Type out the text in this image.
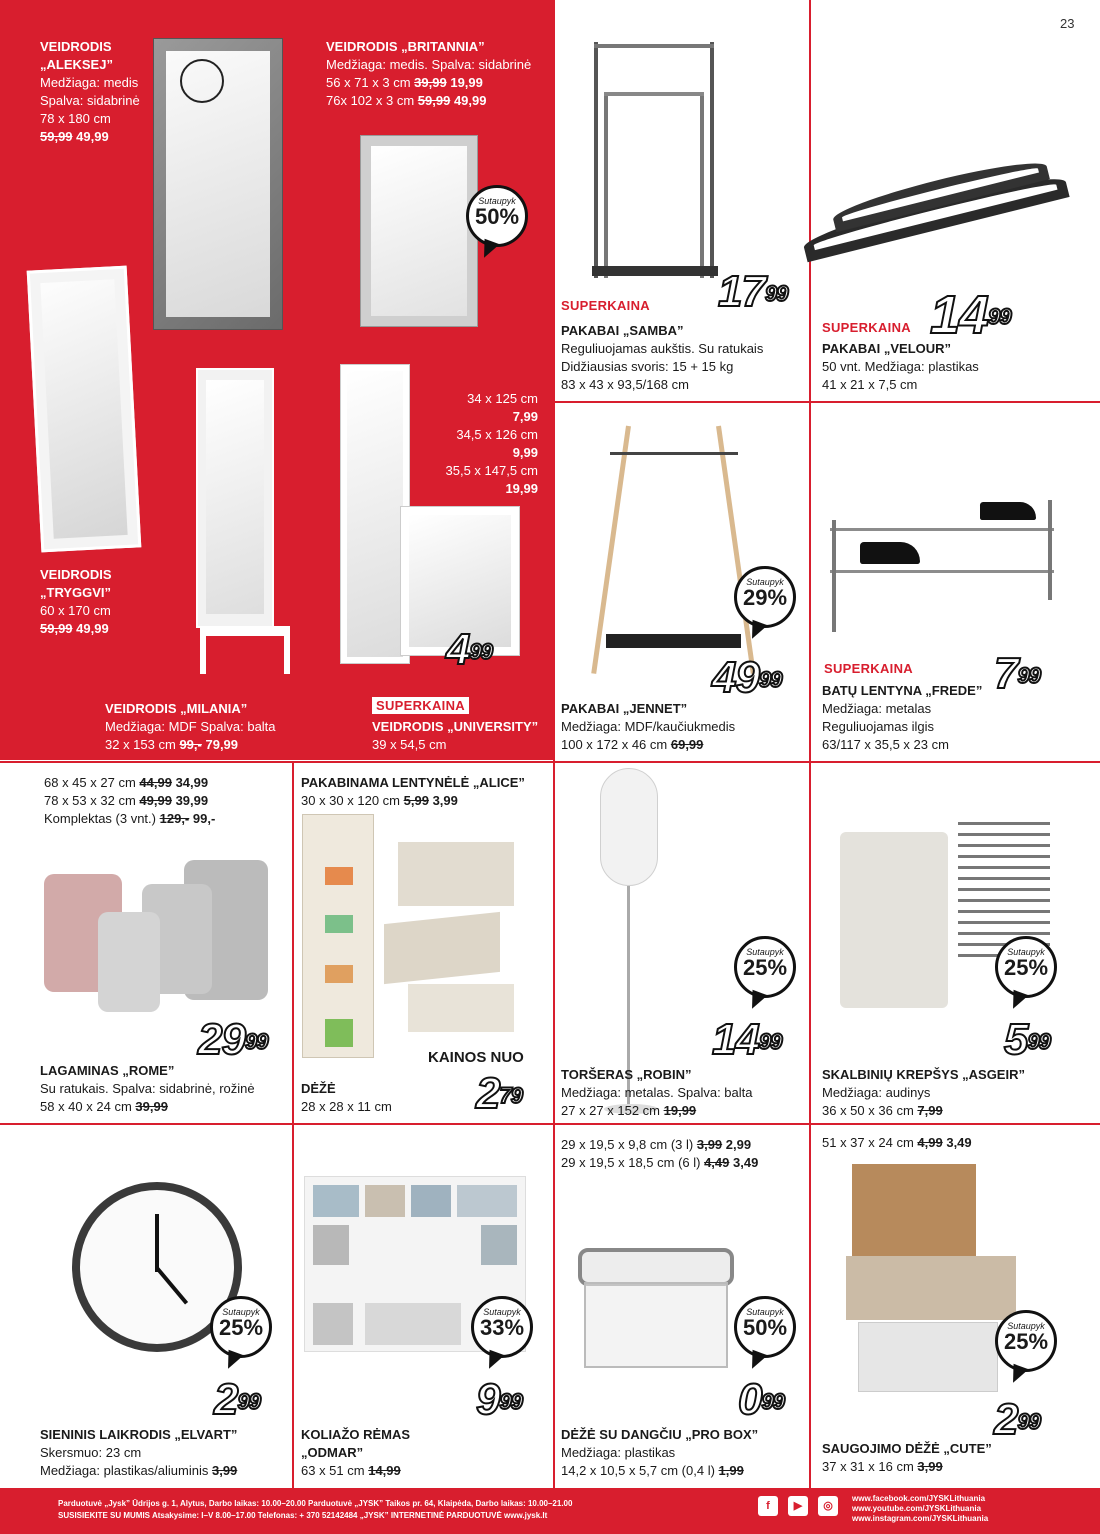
23
VEIDRODIS „ALEKSEJ”
Medžiaga: medis
Spalva: sidabrinė
78 x 180 cm
59,99 49,99
VEIDRODIS „BRITANNIA”
Medžiaga: medis. Spalva: sidabrinė
56 x 71 x 3 cm 39,99 19,99
76x 102 x 3 cm 59,99 49,99
Sutaupyk
50%
VEIDRODIS
„TRYGGVI”
60 x 170 cm
59,99 49,99
VEIDRODIS „MILANIA”
Medžiaga: MDF Spalva: balta
32 x 153 cm 99,- 79,99
34 x 125 cm
7,99
34,5 x 126 cm
9,99
35,5 x 147,5 cm
19,99
$4^{99}$
SUPERKAINA
VEIDRODIS „UNIVERSITY”
39 x 54,5 cm
$17^{99}$
SUPERKAINA
PAKABAI „SAMBA”
Reguliuojamas aukštis. Su ratukais
Didžiausias svoris: 15 + 15 kg
83 x 43 x 93,5/168 cm
$14^{99}$
SUPERKAINA
PAKABAI „VELOUR”
50 vnt. Medžiaga: plastikas
41 x 21 x 7,5 cm
Sutaupyk
29%
$49^{99}$
PAKABAI „JENNET”
Medžiaga: MDF/kaučiukmedis
100 x 172 x 46 cm 69,99
$7^{99}$
SUPERKAINA
BATŲ LENTYNA „FREDE”
Medžiaga: metalas
Reguliuojamas ilgis
63/117 x 35,5 x 23 cm
68 x 45 x 27 cm 44,99 34,99
78 x 53 x 32 cm 49,99 39,99
Komplektas (3 vnt.) 129,- 99,-
$29^{99}$
LAGAMINAS „ROME”
Su ratukais. Spalva: sidabrinė, rožinė
58 x 40 x 24 cm 39,99
PAKABINAMA LENTYNĖLĖ „ALICE”
30 x 30 x 120 cm 5,99 3,99
KAINOS NUO
$2^{79}$
DĖŽĖ
28 x 28 x 11 cm
Sutaupyk
25%
$14^{99}$
TORŠERAS „ROBIN”
Medžiaga: metalas. Spalva: balta
27 x 27 x 152 cm 19,99
Sutaupyk
25%
$5^{99}$
SKALBINIŲ KREPŠYS „ASGEIR”
Medžiaga: audinys
36 x 50 x 36 cm 7,99
Sutaupyk
25%
$2^{99}$
SIENINIS LAIKRODIS „ELVART”
Skersmuo: 23 cm
Medžiaga: plastikas/aliuminis 3,99
Sutaupyk
33%
$9^{99}$
KOLIAŽO RĖMAS
„ODMAR”
63 x 51 cm 14,99
29 x 19,5 x 9,8 cm (3 l) 3,99 2,99
29 x 19,5 x 18,5 cm (6 l) 4,49 3,49
Sutaupyk
50%
$0^{99}$
DĖŽĖ SU DANGČIU „PRO BOX”
Medžiaga: plastikas
14,2 x 10,5 x 5,7 cm (0,4 l) 1,99
51 x 37 x 24 cm 4,99 3,49
Sutaupyk
25%
$2^{99}$
SAUGOJIMO DĖŽĖ „CUTE”
37 x 31 x 16 cm 3,99
Parduotuvė „Jysk” Ūdrijos g. 1, Alytus, Darbo laikas: 10.00–20.00 Parduotuvė „JYSK” Taikos pr. 64, Klaipėda, Darbo laikas: 10.00–21.00
SUSISIEKITE SU MUMIS Atsakysime: I–V 8.00–17.00 Telefonas: + 370 52142484 „JYSK” INTERNETINĖ PARDUOTUVĖ www.jysk.lt
f	▶	◎
www.facebook.com/JYSKLithuania
www.youtube.com/JYSKLithuania
www.instagram.com/JYSKLithuania
